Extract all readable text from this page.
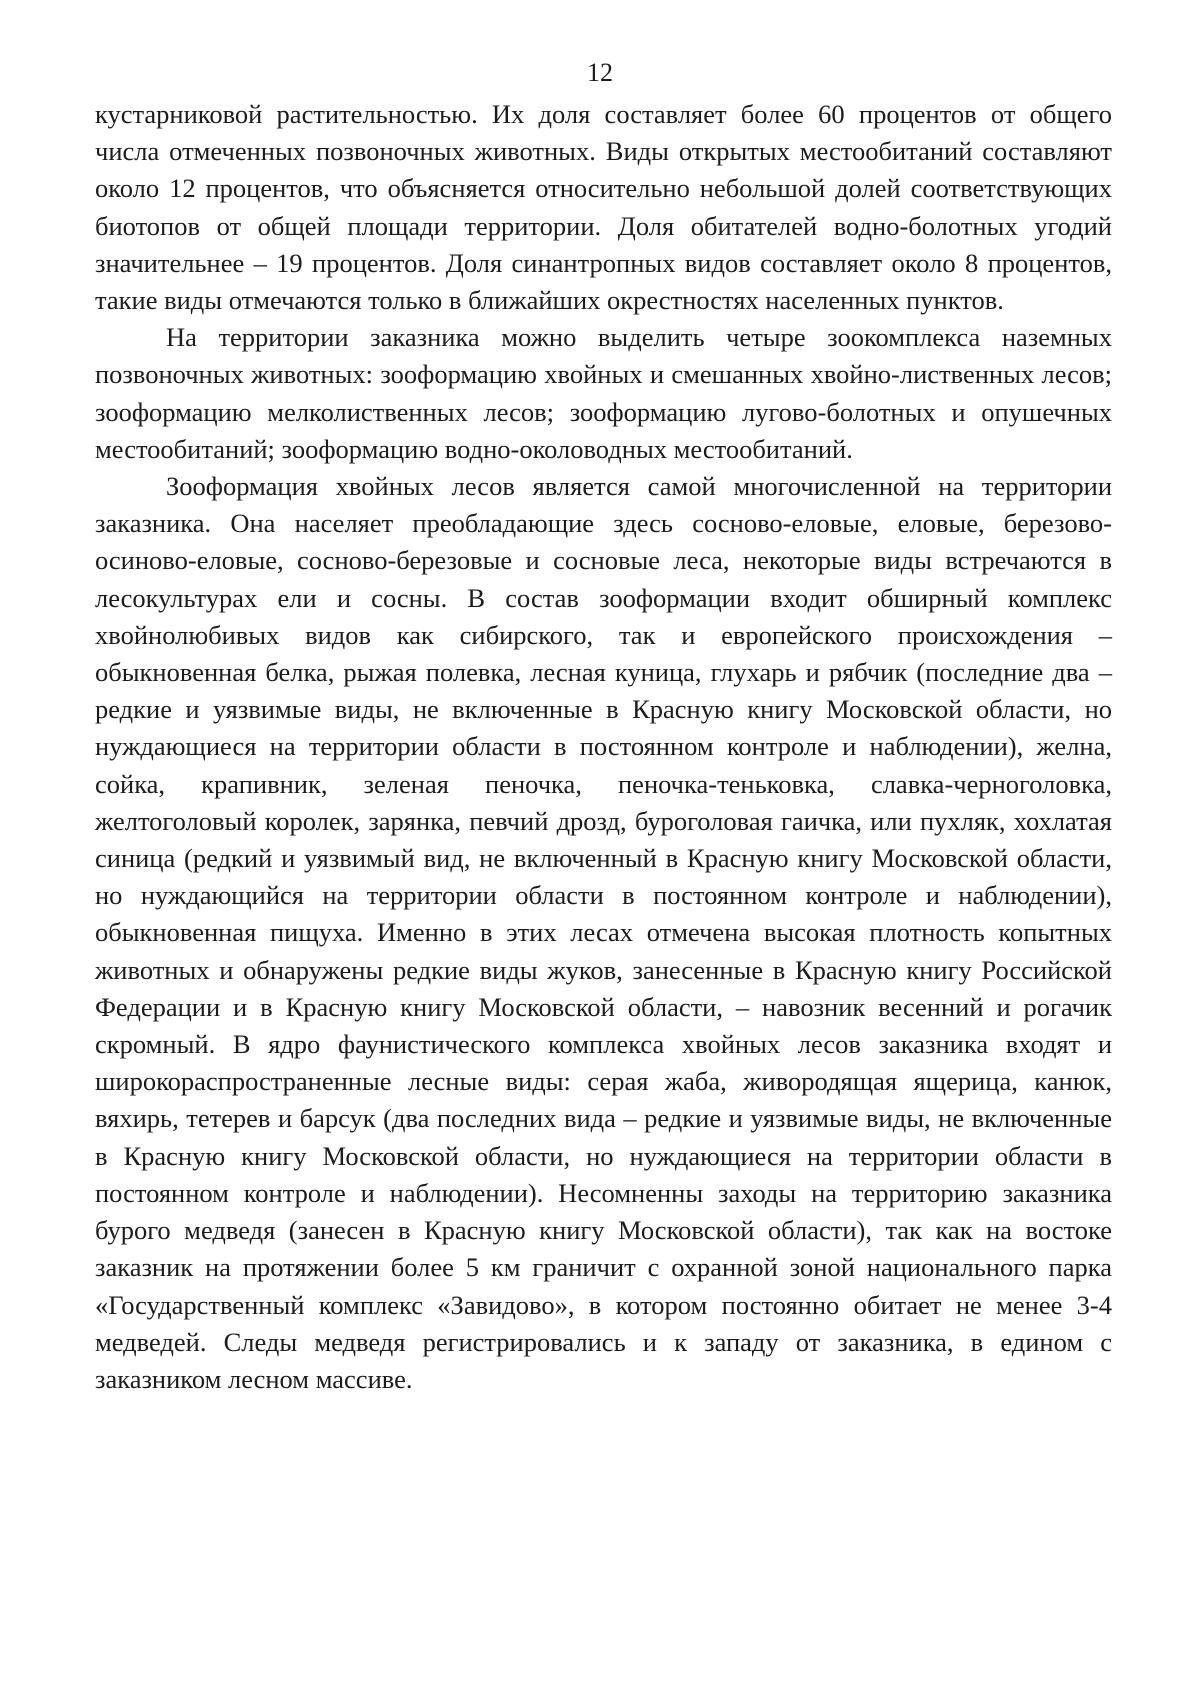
12

кустарниковой растительностью. Их доля составляет более 60 процентов от общего числа отмеченных позвоночных животных. Виды открытых местообитаний составляют около 12 процентов, что объясняется относительно небольшой долей соответствующих биотопов от общей площади территории. Доля обитателей водно-болотных угодий значительнее – 19 процентов. Доля синантропных видов составляет около 8 процентов, такие виды отмечаются только в ближайших окрестностях населенных пунктов.

На территории заказника можно выделить четыре зоокомплекса наземных позвоночных животных: зооформацию хвойных и смешанных хвойно-лиственных лесов; зооформацию мелколиственных лесов; зооформацию лугово-болотных и опушечных местообитаний; зооформацию водно-околоводных местообитаний.

Зооформация хвойных лесов является самой многочисленной на территории заказника. Она населяет преобладающие здесь сосново-еловые, еловые, березово-осиново-еловые, сосново-березовые и сосновые леса, некоторые виды встречаются в лесокультурах ели и сосны. В состав зооформации входит обширный комплекс хвойнолюбивых видов как сибирского, так и европейского происхождения – обыкновенная белка, рыжая полевка, лесная куница, глухарь и рябчик (последние два – редкие и уязвимые виды, не включенные в Красную книгу Московской области, но нуждающиеся на территории области в постоянном контроле и наблюдении), желна, сойка, крапивник, зеленая пеночка, пеночка-теньковка, славка-черноголовка, желтоголовый королек, зарянка, певчий дрозд, буроголовая гаичка, или пухляк, хохлатая синица (редкий и уязвимый вид, не включенный в Красную книгу Московской области, но нуждающийся на территории области в постоянном контроле и наблюдении), обыкновенная пищуха. Именно в этих лесах отмечена высокая плотность копытных животных и обнаружены редкие виды жуков, занесенные в Красную книгу Российской Федерации и в Красную книгу Московской области, – навозник весенний и рогачик скромный. В ядро фаунистического комплекса хвойных лесов заказника входят и широкораспространенные лесные виды: серая жаба, живородящая ящерица, канюк, вяхирь, тетерев и барсук (два последних вида – редкие и уязвимые виды, не включенные в Красную книгу Московской области, но нуждающиеся на территории области в постоянном контроле и наблюдении). Несомненны заходы на территорию заказника бурого медведя (занесен в Красную книгу Московской области), так как на востоке заказник на протяжении более 5 км граничит с охранной зоной национального парка «Государственный комплекс «Завидово», в котором постоянно обитает не менее 3-4 медведей. Следы медведя регистрировались и к западу от заказника, в едином с заказником лесном массиве.
